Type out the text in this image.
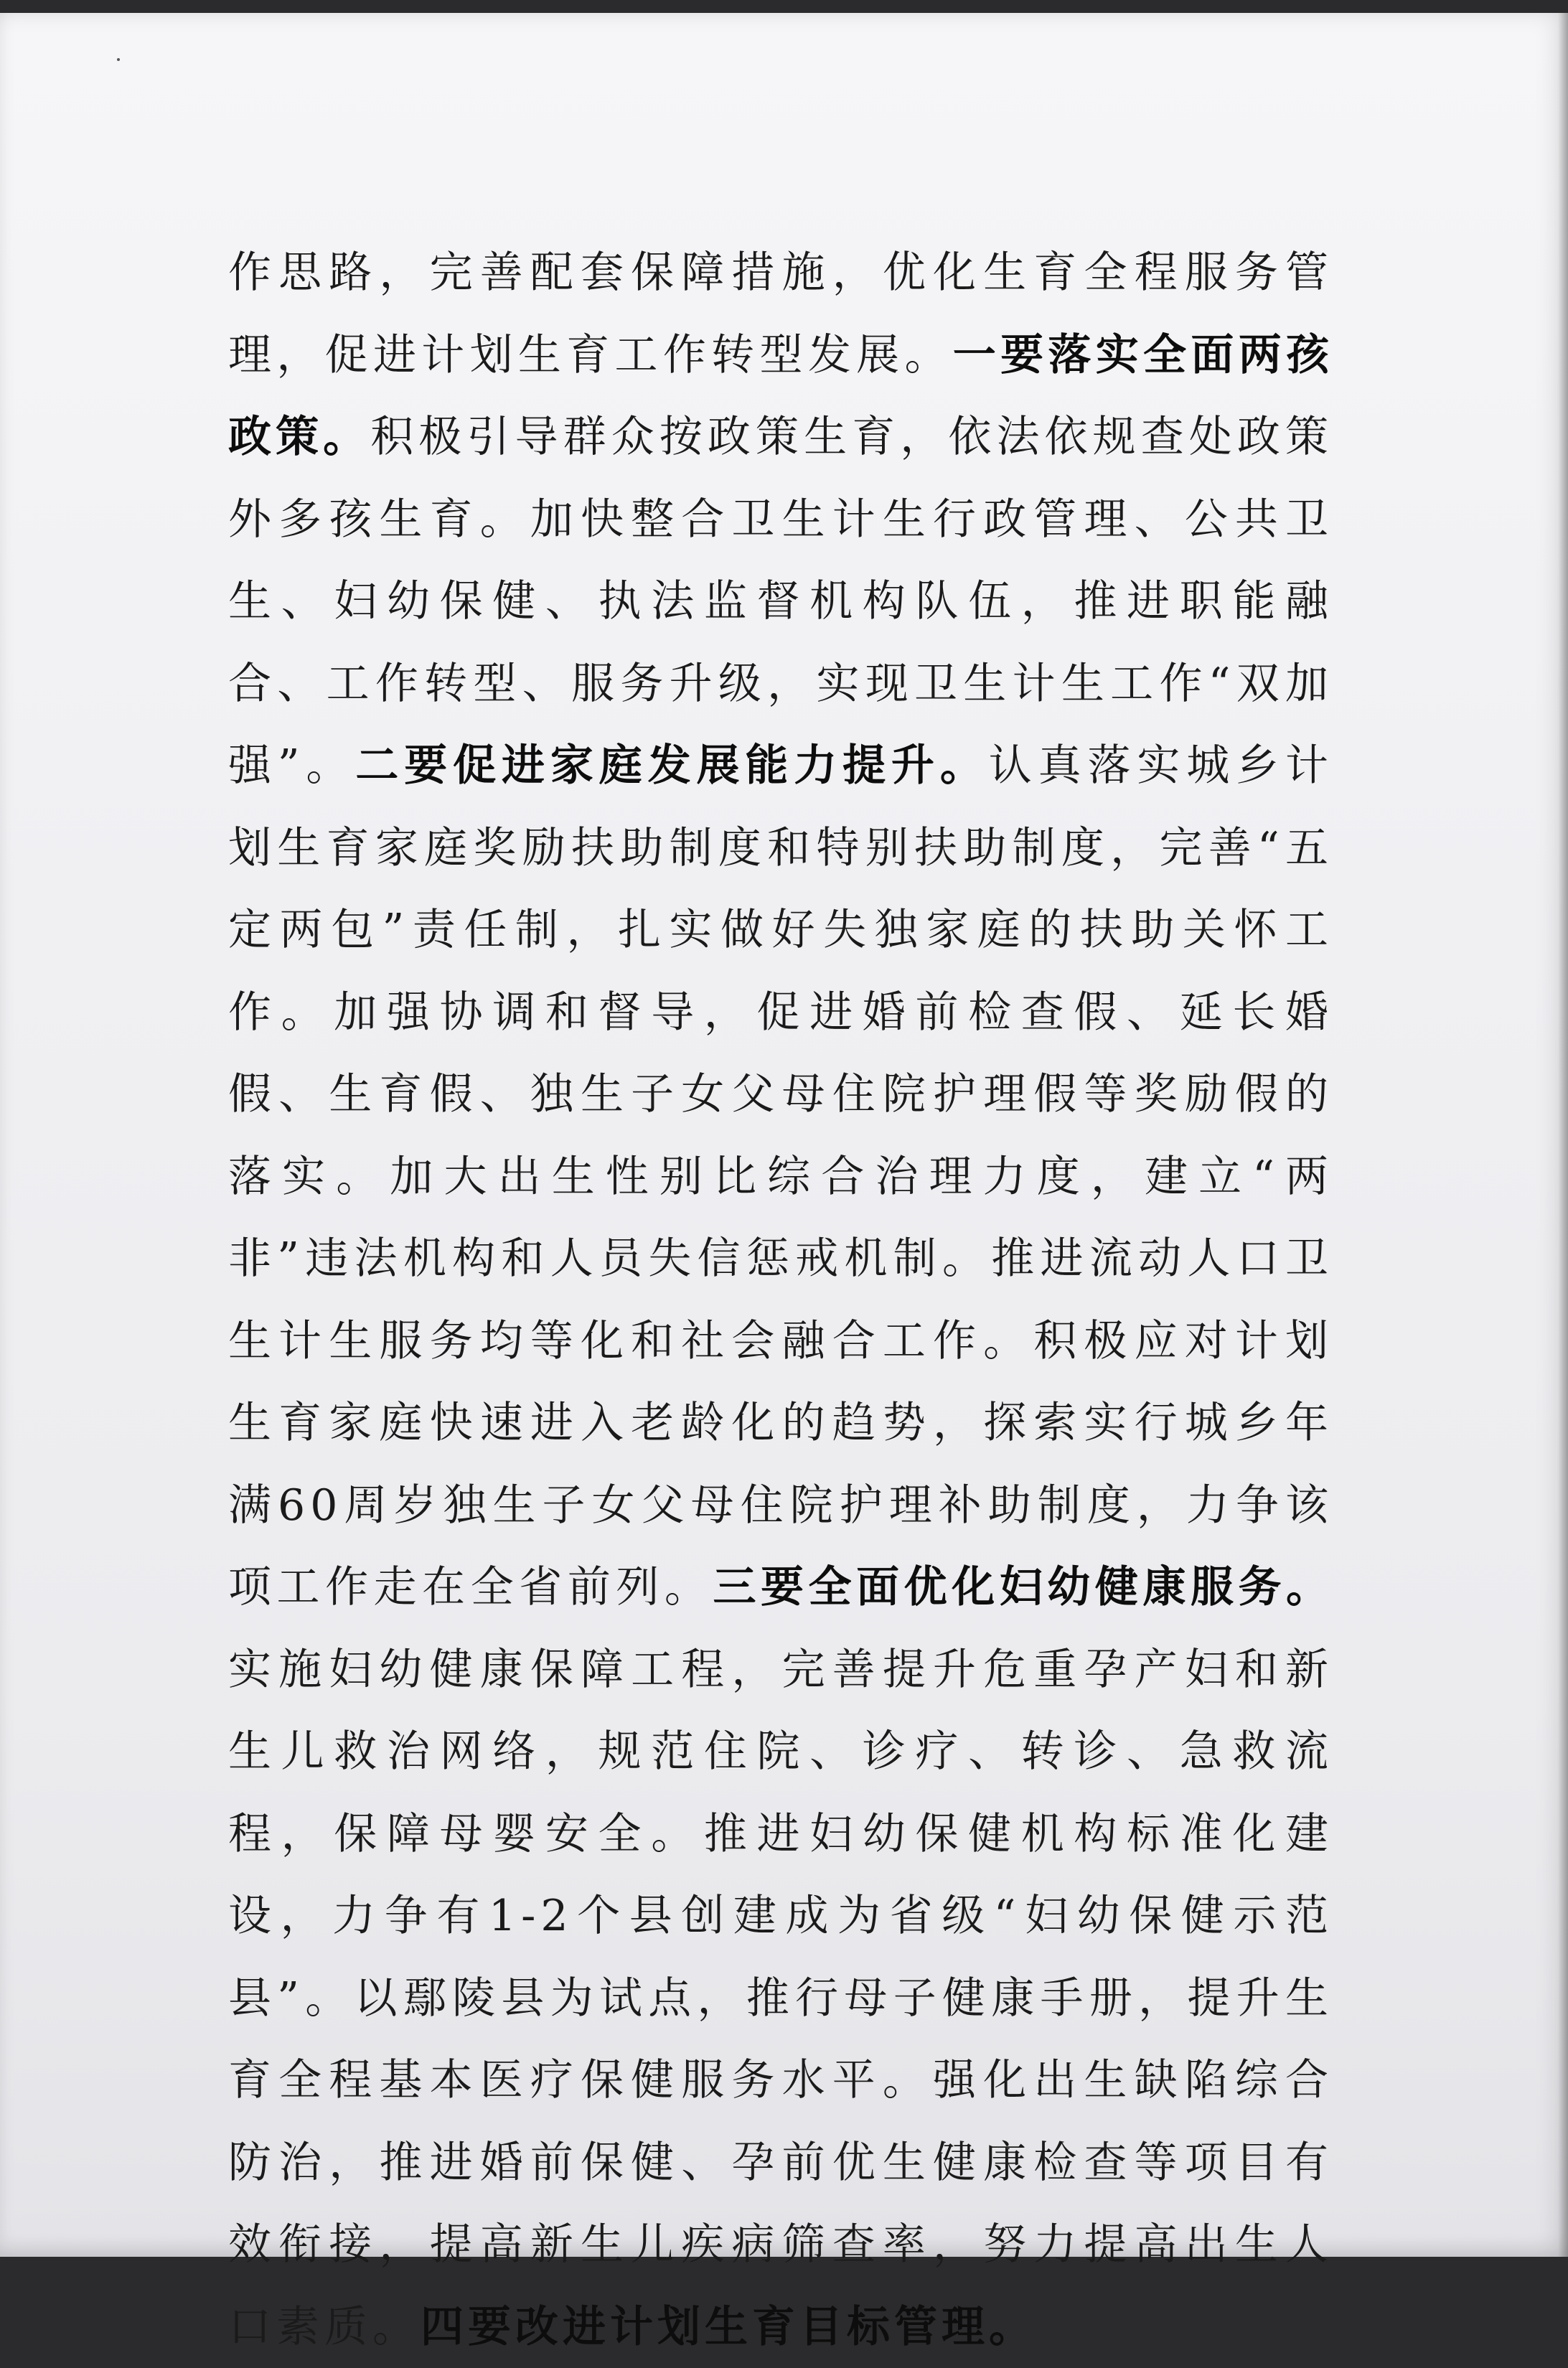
作思路，完善配套保障措施，优化生育全程服务管理，促进计划生育工作转型发展。一要落实全面两孩政策。积极引导群众按政策生育，依法依规查处政策外多孩生育。加快整合卫生计生行政管理、公共卫生、妇幼保健、执法监督机构队伍，推进职能融合、工作转型、服务升级，实现卫生计生工作“双加强”。二要促进家庭发展能力提升。认真落实城乡计划生育家庭奖励扶助制度和特别扶助制度，完善“五定两包”责任制，扎实做好失独家庭的扶助关怀工作。加强协调和督导，促进婚前检查假、延长婚假、生育假、独生子女父母住院护理假等奖励假的落实。加大出生性别比综合治理力度，建立“两非”违法机构和人员失信惩戒机制。推进流动人口卫生计生服务均等化和社会融合工作。积极应对计划生育家庭快速进入老龄化的趋势，探索实行城乡年满60周岁独生子女父母住院护理补助制度，力争该项工作走在全省前列。三要全面优化妇幼健康服务。实施妇幼健康保障工程，完善提升危重孕产妇和新生儿救治网络，规范住院、诊疗、转诊、急救流程，保障母婴安全。推进妇幼保健机构标准化建设，力争有1-2个县创建成为省级“妇幼保健示范县”。以鄢陵县为试点，推行母子健康手册，提升生育全程基本医疗保健服务水平。强化出生缺陷综合防治，推进婚前保健、孕前优生健康检查等项目有效衔接，提高新生儿疾病筛查率，努力提高出生人口素质。四要改进计划生育目标管理。
